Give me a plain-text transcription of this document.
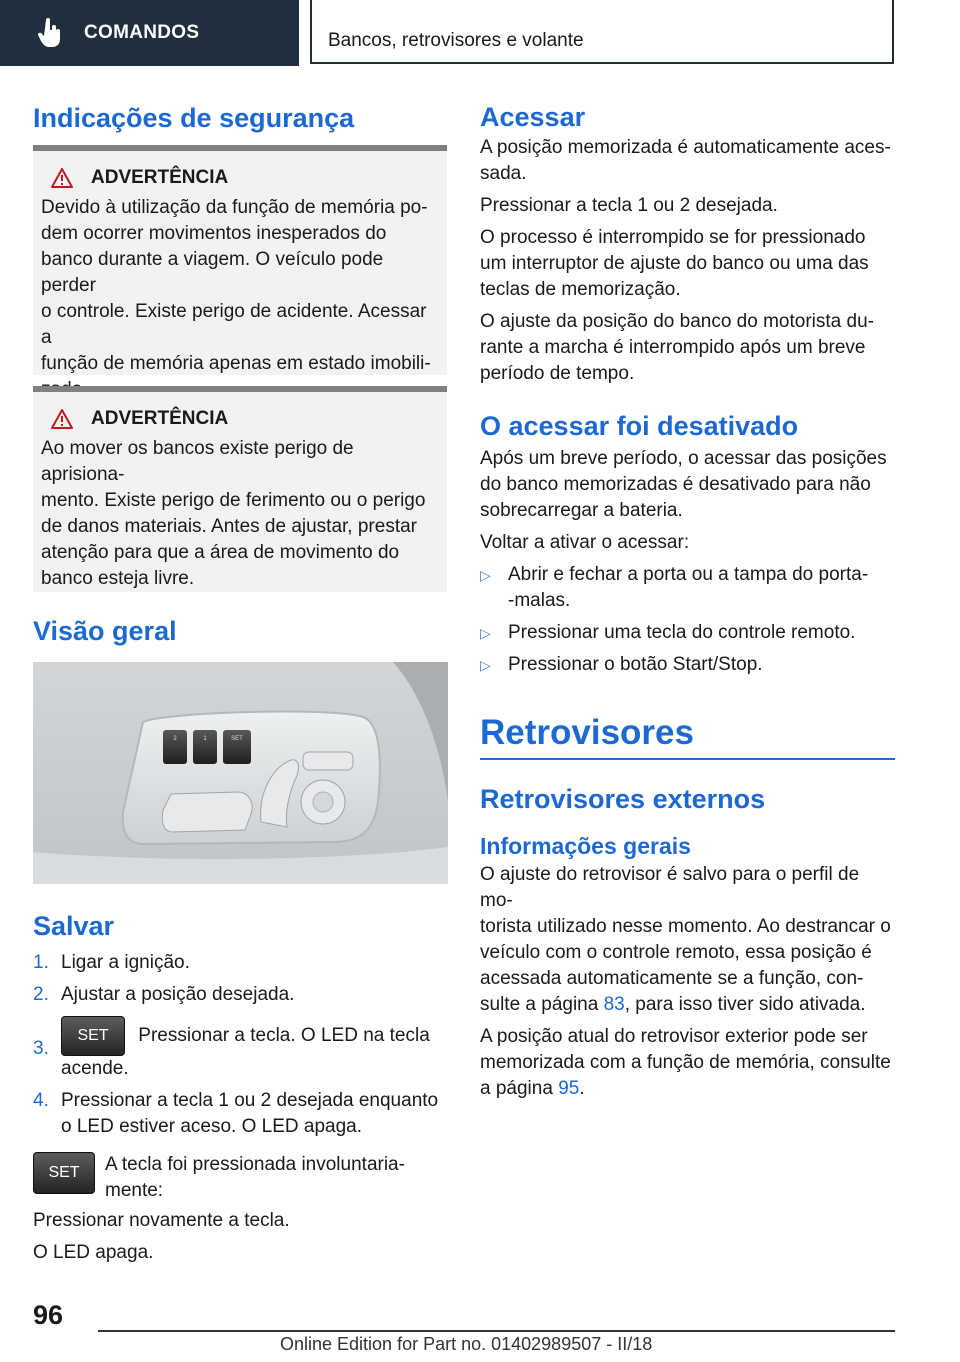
COMANDOS	Bancos, retrovisores e volante
Indicações de segurança
ADVERTÊNCIA
Devido à utilização da função de memória po-
dem ocorrer movimentos inesperados do
banco durante a viagem. O veículo pode perder
o controle. Existe perigo de acidente. Acessar a
função de memória apenas em estado imobili-
ADVERTÊNCIA
Ao mover os bancos existe perigo de aprisiona-
mento. Existe perigo de ferimento ou o perigo
de danos materiais. Antes de ajustar, prestar
atenção para que a área de movimento do
banco esteja livre.
Visão geral
2	1	SET
Salvar
1. Ligar a ignição.
2. Ajustar a posição desejada.
3.
SET Pressionar a tecla. O LED na tecla
acende.
4. Pressionar a tecla 1 ou 2 desejada enquanto
o LED estiver aceso. O LED apaga.
SET	A tecla foi pressionada involuntaria-
mente:

Pressionar novamente a tecla.

O LED apaga.

Acessar

A posição memorizada é automaticamente aces-
sada.

Pressionar a tecla 1 ou 2 desejada.

O processo é interrompido se for pressionado
um interruptor de ajuste do banco ou uma das
teclas de memorização.

O ajuste da posição do banco do motorista du-
rante a marcha é interrompido após um breve
período de tempo.

O acessar foi desativado

Após um breve período, o acessar das posições
do banco memorizadas é desativado para não
sobrecarregar a bateria.

Voltar a ativar o acessar:

▷ Abrir e fechar a porta ou a tampa do porta-
-malas.
▷ Pressionar uma tecla do controle remoto.
▷ Pressionar o botão Start/Stop.
Retrovisores
Retrovisores externos
Informações gerais

O ajuste do retrovisor é salvo para o perfil de mo-
torista utilizado nesse momento. Ao destrancar o
veículo com o controle remoto, essa posição é
acessada automaticamente se a função, con-
sulte a página 83, para isso tiver sido ativada.

A posição atual do retrovisor exterior pode ser
memorizada com a função de memória, consulte
a página 95.

96
Online Edition for Part no. 01402989507 - II/18
